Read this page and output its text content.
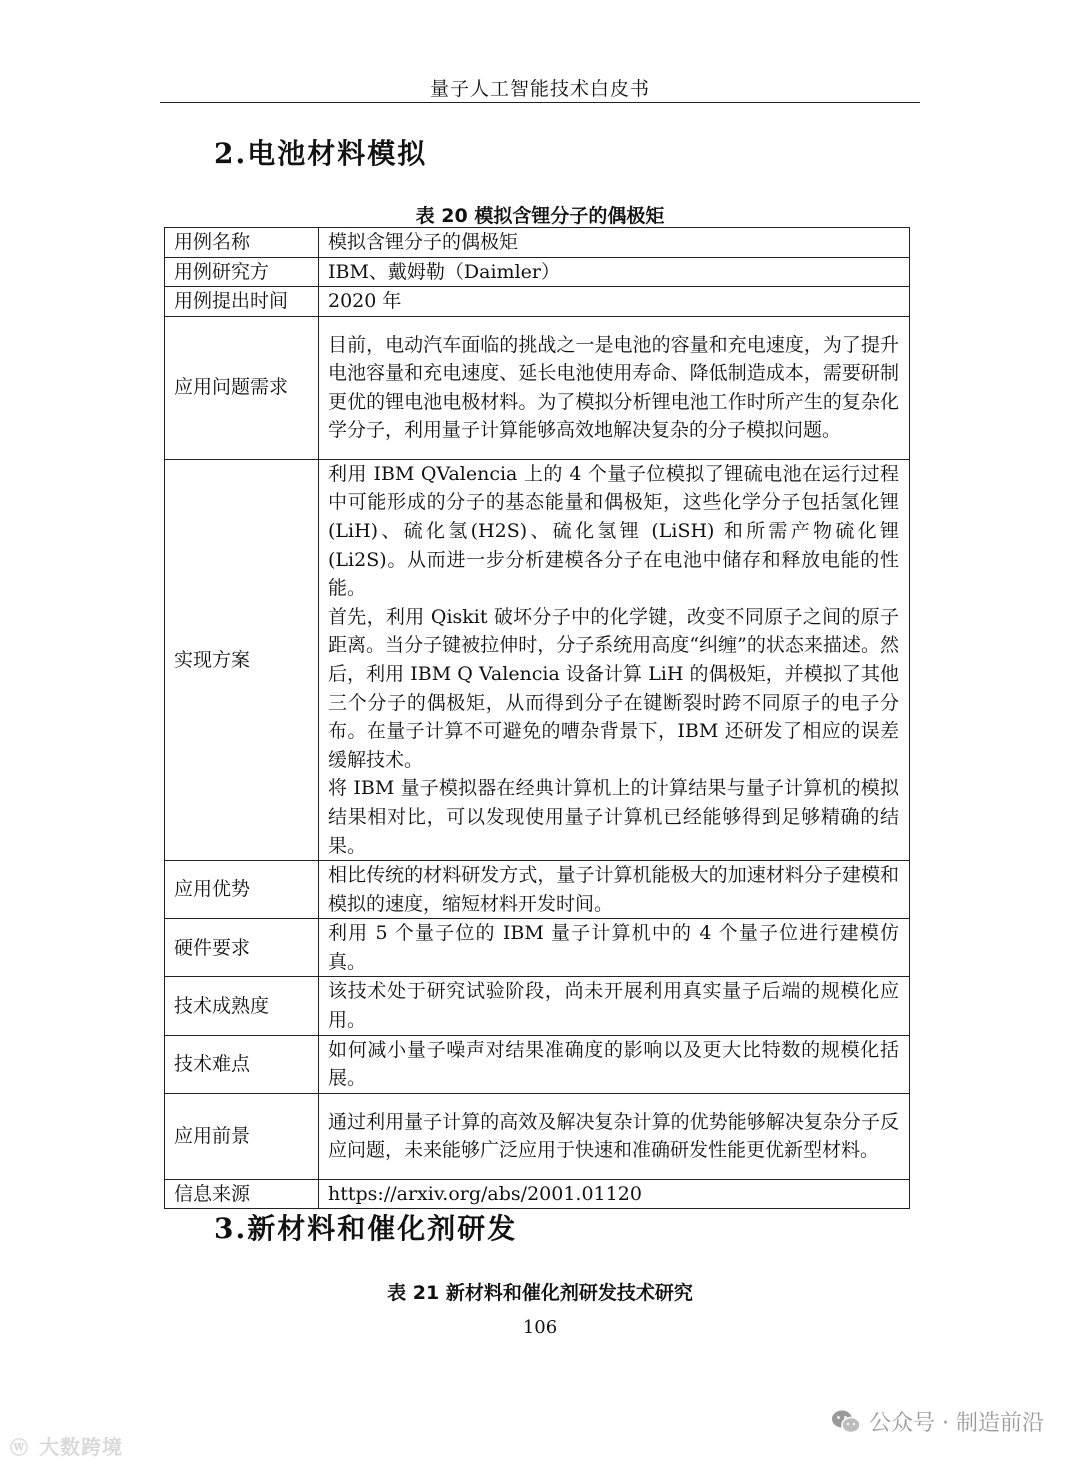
量子人工智能技术白皮书
2.电池材料模拟
表 20 模拟含锂分子的偶极矩
用例名称	模拟含锂分子的偶极矩

用例研究方	IBM、戴姆勒（Daimler）

用例提出时间	2020 年

应用问题需求	目前，电动汽车面临的挑战之一是电池的容量和充电速度，为了提升电池容量和充电速度、延长电池使用寿命、降低制造成本，需要研制更优的锂电池电极材料。为了模拟分析锂电池工作时所产生的复杂化学分子，利用量子计算能够高效地解决复杂的分子模拟问题。

实现方案	利用 IBM QValencia 上的 4 个量子位模拟了锂硫电池在运行过程中可能形成的分子的基态能量和偶极矩，这些化学分子包括氢化锂 (LiH)、硫化氢(H2S)、硫化氢锂 (LiSH) 和所需产物硫化锂 (Li2S)。从而进一步分析建模各分子在电池中储存和释放电能的性能。
首先，利用 Qiskit 破坏分子中的化学键，改变不同原子之间的原子距离。当分子键被拉伸时，分子系统用高度“纠缠”的状态来描述。然后，利用 IBM Q Valencia 设备计算 LiH 的偶极矩，并模拟了其他三个分子的偶极矩，从而得到分子在键断裂时跨不同原子的电子分布。在量子计算不可避免的嘈杂背景下，IBM 还研发了相应的误差缓解技术。
将 IBM 量子模拟器在经典计算机上的计算结果与量子计算机的模拟结果相对比，可以发现使用量子计算机已经能够得到足够精确的结果。

应用优势	相比传统的材料研发方式，量子计算机能极大的加速材料分子建模和模拟的速度，缩短材料开发时间。

硬件要求	利用 5 个量子位的 IBM 量子计算机中的 4 个量子位进行建模仿真。

技术成熟度	该技术处于研究试验阶段，尚未开展利用真实量子后端的规模化应用。

技术难点	如何减小量子噪声对结果准确度的影响以及更大比特数的规模化括展。

应用前景	通过利用量子计算的高效及解决复杂计算的优势能够解决复杂分子反应问题，未来能够广泛应用于快速和准确研发性能更优新型材料。

信息来源	https://arxiv.org/abs/2001.01120
3.新材料和催化剂研发
表 21 新材料和催化剂研发技术研究
106
ⓦ 大数跨境
公众号 · 制造前沿
